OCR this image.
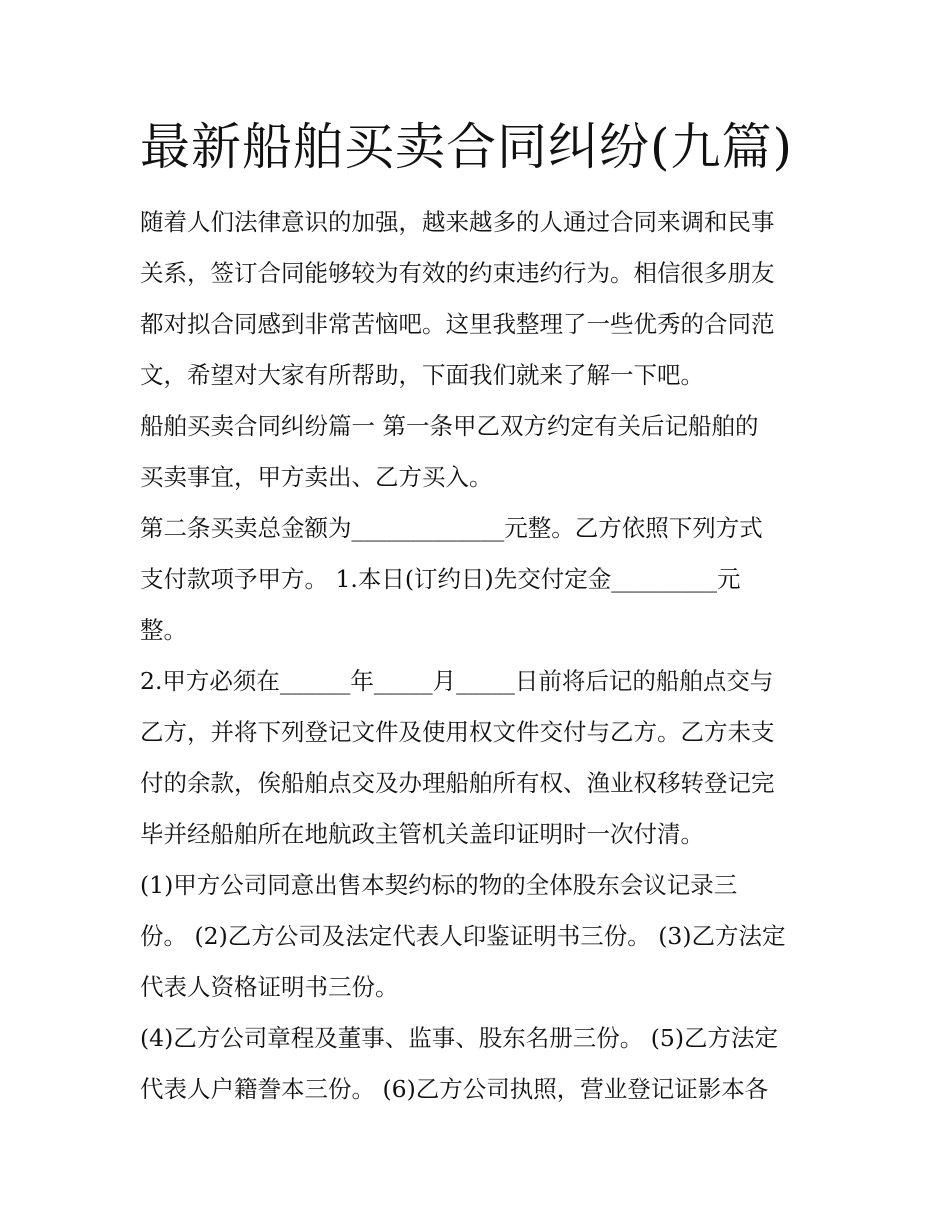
最新船舶买卖合同纠纷(九篇)

随着人们法律意识的加强，越来越多的人通过合同来调和民事

关系，签订合同能够较为有效的约束违约行为。相信很多朋友

都对拟合同感到非常苦恼吧。这里我整理了一些优秀的合同范

文，希望对大家有所帮助，下面我们就来了解一下吧。

船舶买卖合同纠纷篇一 第一条甲乙双方约定有关后记船舶的

买卖事宜，甲方卖出、乙方买入。

第二条买卖总金额为_____________元整。乙方依照下列方式

支付款项予甲方。 1.本日(订约日)先交付定金_________元

整。

2.甲方必须在______年_____月_____日前将后记的船舶点交与

乙方，并将下列登记文件及使用权文件交付与乙方。乙方未支

付的余款，俟船舶点交及办理船舶所有权、渔业权移转登记完

毕并经船舶所在地航政主管机关盖印证明时一次付清。

(1)甲方公司同意出售本契约标的物的全体股东会议记录三

份。 (2)乙方公司及法定代表人印鉴证明书三份。 (3)乙方法定

代表人资格证明书三份。

(4)乙方公司章程及董事、监事、股东名册三份。 (5)乙方法定

代表人户籍誊本三份。 (6)乙方公司执照，营业登记证影本各
